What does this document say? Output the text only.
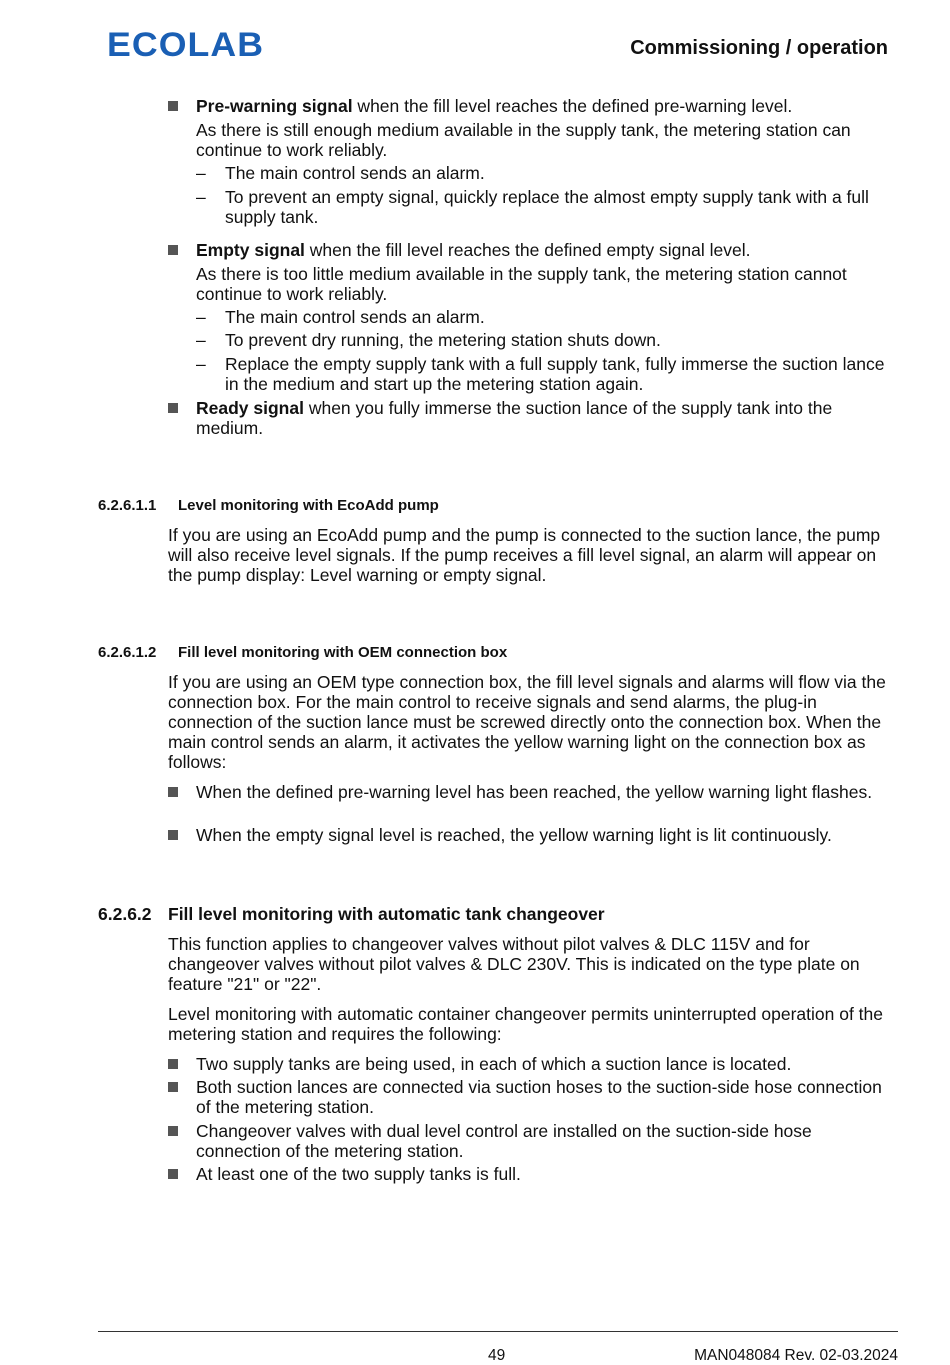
ECOLAB	Commissioning / operation
Pre-warning signal when the fill level reaches the defined pre-warning level.
As there is still enough medium available in the supply tank, the metering station can continue to work reliably.
– The main control sends an alarm.
– To prevent an empty signal, quickly replace the almost empty supply tank with a full supply tank.
Empty signal when the fill level reaches the defined empty signal level.
As there is too little medium available in the supply tank, the metering station cannot continue to work reliably.
– The main control sends an alarm.
– To prevent dry running, the metering station shuts down.
– Replace the empty supply tank with a full supply tank, fully immerse the suction lance in the medium and start up the metering station again.
Ready signal when you fully immerse the suction lance of the supply tank into the medium.
6.2.6.1.1 Level monitoring with EcoAdd pump
If you are using an EcoAdd pump and the pump is connected to the suction lance, the pump will also receive level signals. If the pump receives a fill level signal, an alarm will appear on the pump display: Level warning or empty signal.
6.2.6.1.2 Fill level monitoring with OEM connection box
If you are using an OEM type connection box, the fill level signals and alarms will flow via the connection box. For the main control to receive signals and send alarms, the plug-in connection of the suction lance must be screwed directly onto the connection box. When the main control sends an alarm, it activates the yellow warning light on the connection box as follows:
When the defined pre-warning level has been reached, the yellow warning light flashes.
When the empty signal level is reached, the yellow warning light is lit continuously.
6.2.6.2 Fill level monitoring with automatic tank changeover
This function applies to changeover valves without pilot valves & DLC 115V and for changeover valves without pilot valves & DLC 230V. This is indicated on the type plate on feature "21" or "22".
Level monitoring with automatic container changeover permits uninterrupted operation of the metering station and requires the following:
Two supply tanks are being used, in each of which a suction lance is located.
Both suction lances are connected via suction hoses to the suction-side hose connection of the metering station.
Changeover valves with dual level control are installed on the suction-side hose connection of the metering station.
At least one of the two supply tanks is full.
49	MAN048084 Rev. 02-03.2024
